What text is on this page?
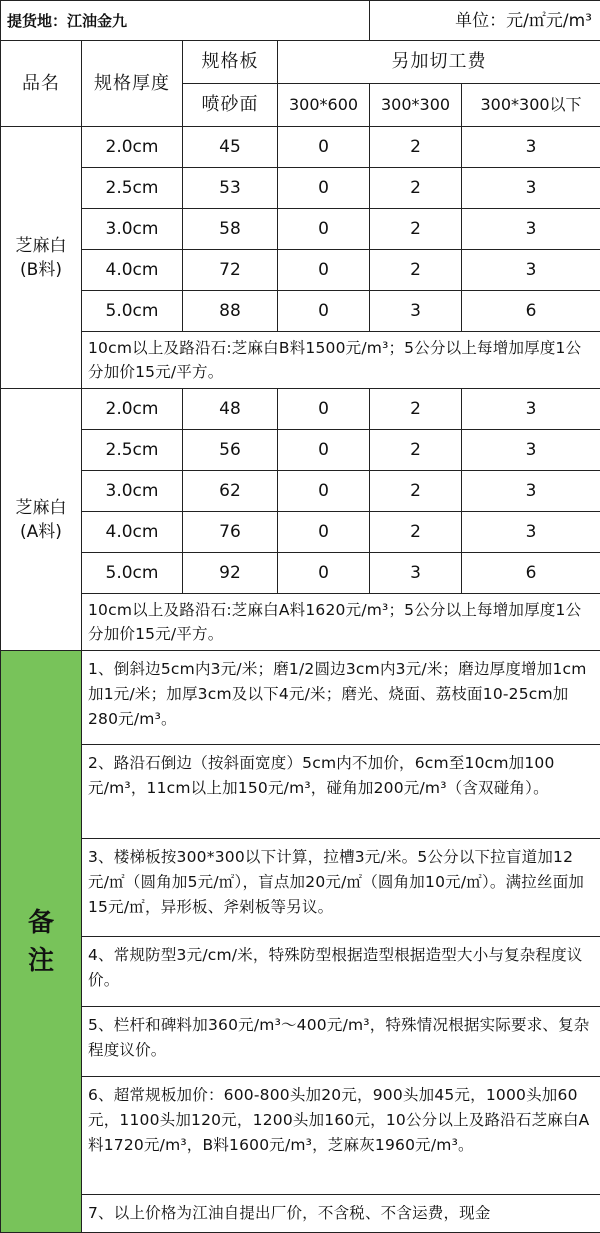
提货地：江油金九				单位：元/㎡元/m³	
品名	规格厚度	规格板	另加切工费		
		喷砂面	300*600	300*300	300*300以下
芝麻白
(B料)	2.0cm	45	0	2	3
	2.5cm	53	0	2	3
	3.0cm	58	0	2	3
	4.0cm	72	0	2	3
	5.0cm	88	0	3	6
	10cm以上及路沿石:芝麻白B料1500元/m³；5公分以上每增加厚度1公分加价15元/平方。				
芝麻白
(A料)	2.0cm	48	0	2	3
	2.5cm	56	0	2	3
	3.0cm	62	0	2	3
	4.0cm	76	0	2	3
	5.0cm	92	0	3	6
	10cm以上及路沿石:芝麻白A料1620元/m³；5公分以上每增加厚度1公分加价15元/平方。				
备
注	1、倒斜边5cm内3元/米；磨1/2圆边3cm内3元/米；磨边厚度增加1cm加1元/米；加厚3cm及以下4元/米；磨光、烧面、荔枝面10-25cm加280元/m³。				
	2、路沿石倒边（按斜面宽度）5cm内不加价，6cm至10cm加100元/m³，11cm以上加150元/m³，碰角加200元/m³（含双碰角）。				
	3、楼梯板按300*300以下计算，拉槽3元/米。5公分以下拉盲道加12元/㎡（圆角加5元/㎡），盲点加20元/㎡（圆角加10元/㎡）。满拉丝面加15元/㎡，异形板、斧剁板等另议。				
	4、常规防型3元/cm/米，特殊防型根据造型根据造型大小与复杂程度议价。				
	5、栏杆和碑料加360元/m³～400元/m³，特殊情况根据实际要求、复杂程度议价。				
	6、超常规板加价：600-800头加20元，900头加45元，1000头加60元，1100头加120元，1200头加160元，10公分以上及路沿石芝麻白A料1720元/m³，B料1600元/m³，芝麻灰1960元/m³。				
	7、以上价格为江油自提出厂价，不含税、不含运费，现金				
